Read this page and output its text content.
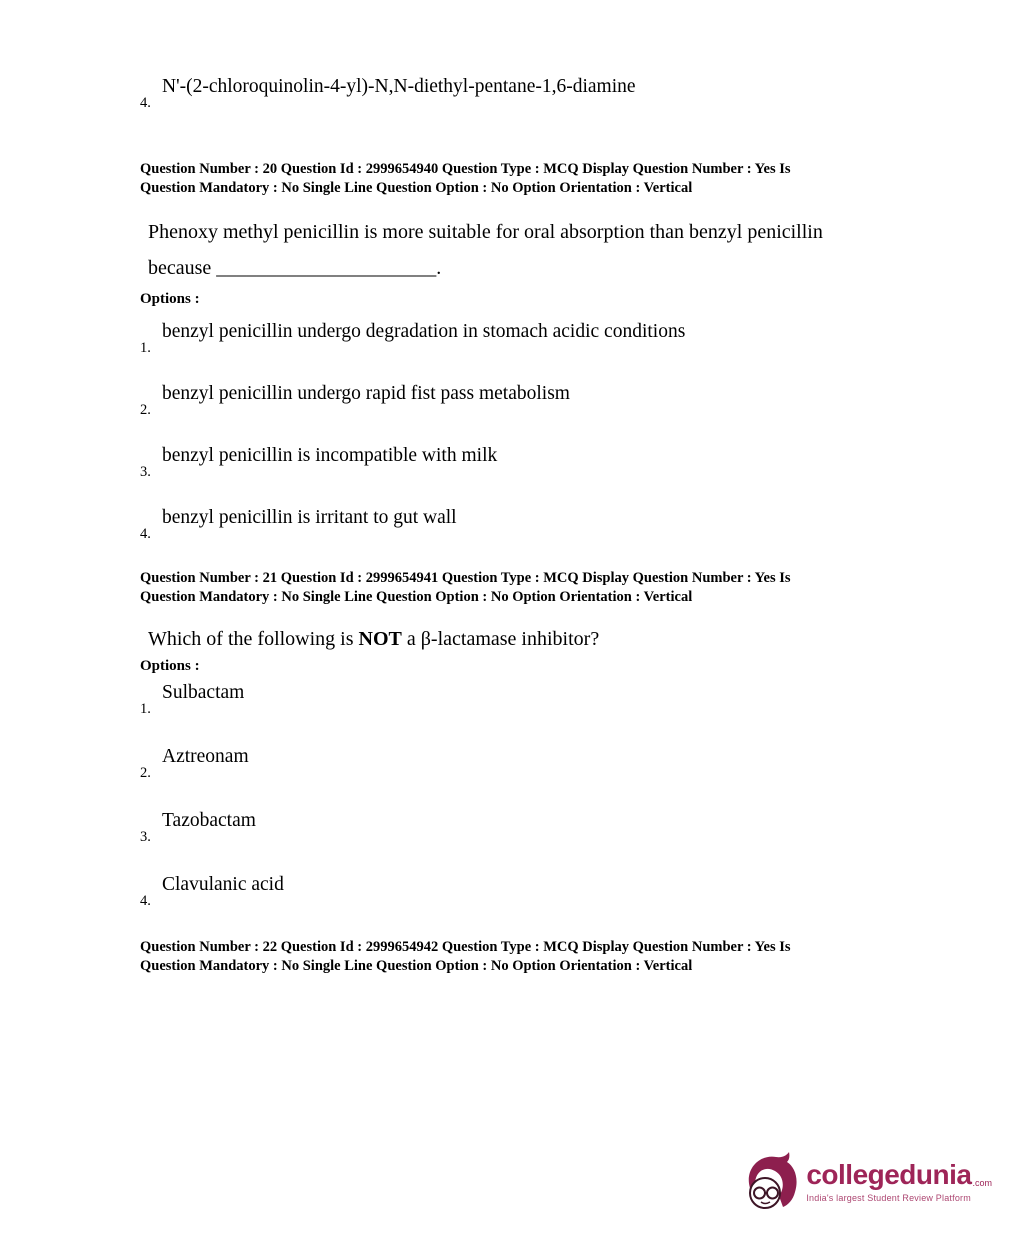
N'-(2-chloroquinolin-4-yl)-N,N-diethyl-pentane-1,6-diamine
4.
Question Number : 20 Question Id : 2999654940 Question Type : MCQ Display Question Number : Yes Is
Question Mandatory : No Single Line Question Option : No Option Orientation : Vertical
Phenoxy methyl penicillin is more suitable for oral absorption than benzyl penicillin
because ______________________.
Options :
benzyl penicillin undergo degradation in stomach acidic conditions
1.
benzyl penicillin undergo rapid fist pass metabolism
2.
benzyl penicillin is incompatible with milk
3.
benzyl penicillin is irritant to gut wall
4.
Question Number : 21 Question Id : 2999654941 Question Type : MCQ Display Question Number : Yes Is
Question Mandatory : No Single Line Question Option : No Option Orientation : Vertical
Which of the following is NOT a β-lactamase inhibitor?
Options :
Sulbactam
1.
Aztreonam
2.
Tazobactam
3.
Clavulanic acid
4.
Question Number : 22 Question Id : 2999654942 Question Type : MCQ Display Question Number : Yes Is
Question Mandatory : No Single Line Question Option : No Option Orientation : Vertical
collegedunia .com
India's largest Student Review Platform
